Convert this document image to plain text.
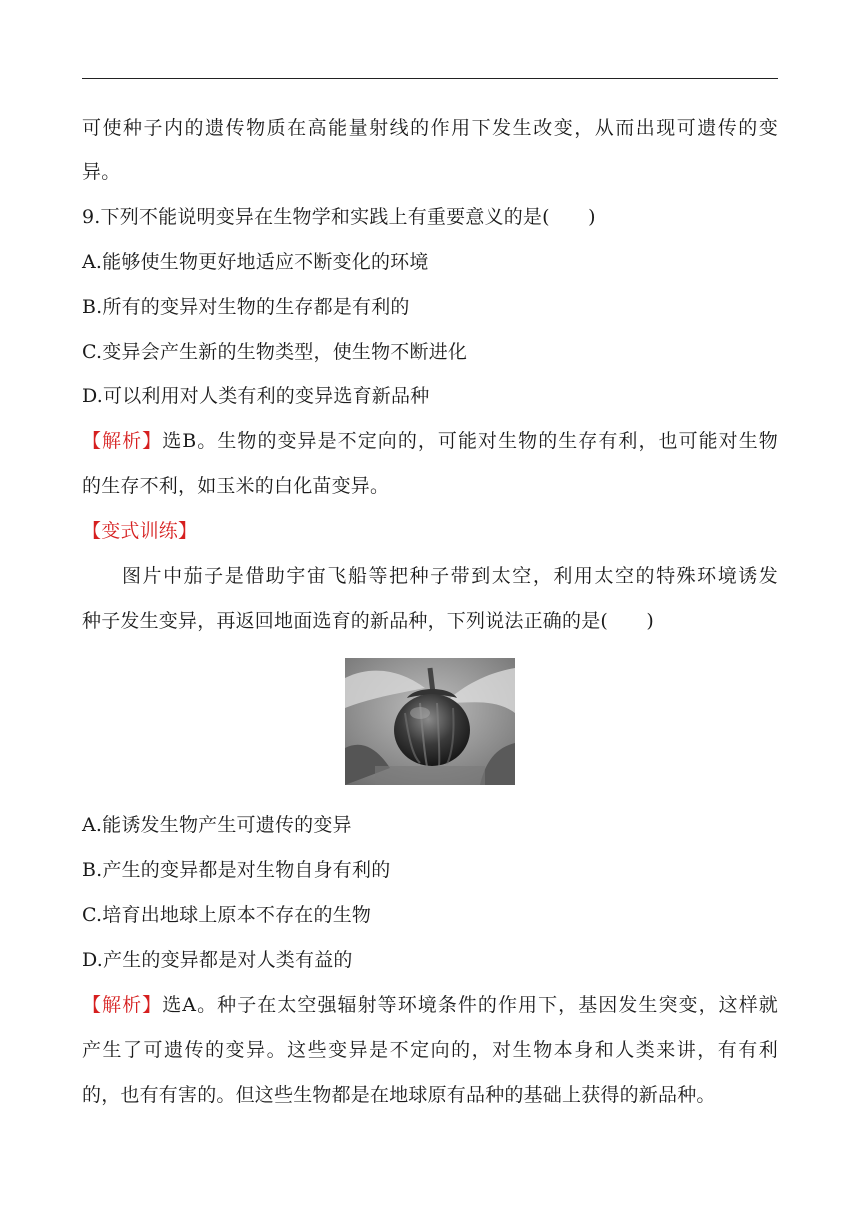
可使种子内的遗传物质在高能量射线的作用下发生改变，从而出现可遗传的变
异。
9.下列不能说明变异在生物学和实践上有重要意义的是(　　)
A.能够使生物更好地适应不断变化的环境
B.所有的变异对生物的生存都是有利的
C.变异会产生新的生物类型，使生物不断进化
D.可以利用对人类有利的变异选育新品种
【解析】选B。生物的变异是不定向的，可能对生物的生存有利，也可能对生物
的生存不利，如玉米的白化苗变异。
【变式训练】
图片中茄子是借助宇宙飞船等把种子带到太空，利用太空的特殊环境诱发
种子发生变异，再返回地面选育的新品种，下列说法正确的是(　　)
A.能诱发生物产生可遗传的变异
B.产生的变异都是对生物自身有利的
C.培育出地球上原本不存在的生物
D.产生的变异都是对人类有益的
【解析】选A。种子在太空强辐射等环境条件的作用下，基因发生突变，这样就
产生了可遗传的变异。这些变异是不定向的，对生物本身和人类来讲，有有利
的，也有有害的。但这些生物都是在地球原有品种的基础上获得的新品种。
